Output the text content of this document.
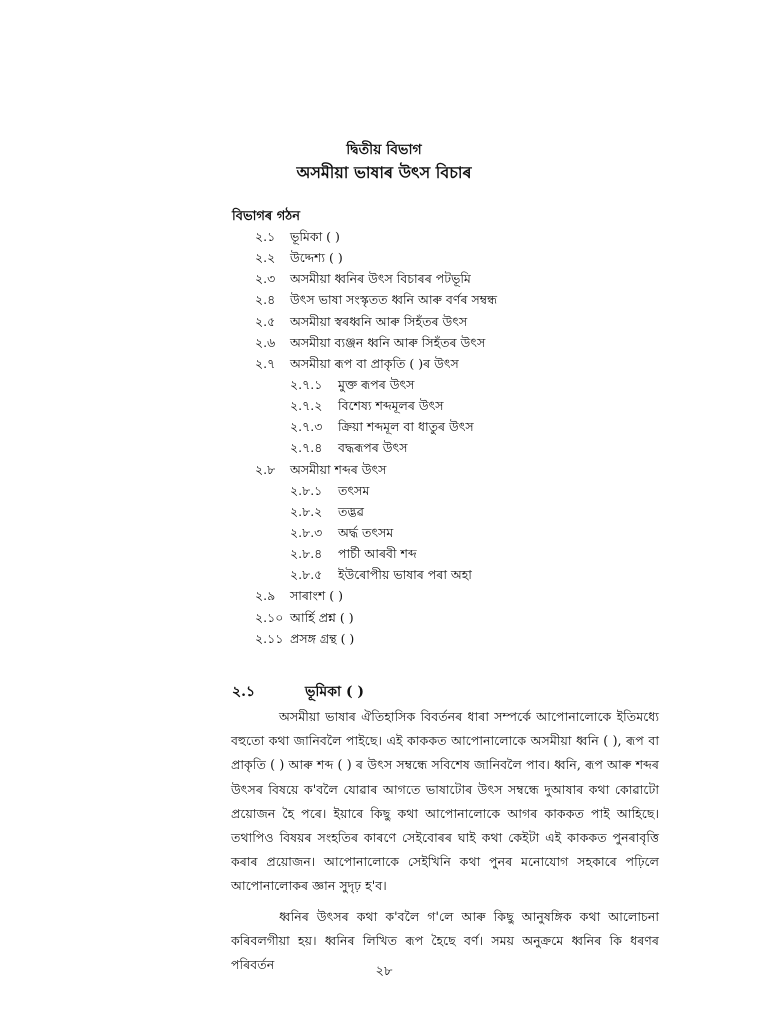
দ্বিতীয় বিভাগ
অসমীয়া ভাষাৰ উৎস বিচাৰ
বিভাগৰ গঠন
২.১ ভূমিকা ( )
২.২ উদ্দেশ্য ( )
২.৩ অসমীয়া ধ্বনিৰ উৎস বিচাৰৰ পটভূমি
২.৪ উৎস ভাষা সংস্কৃতত ধ্বনি আৰু বৰ্ণৰ সম্বন্ধ
২.৫ অসমীয়া স্বৰধ্বনি আৰু সিহঁতৰ উৎস
২.৬ অসমীয়া ব্যঞ্জন ধ্বনি আৰু সিহঁতৰ উৎস
২.৭ অসমীয়া ৰূপ বা প্ৰাকৃতি ( )ৰ উৎস
২.৭.১ মুক্ত ৰূপৰ উৎস
২.৭.২ বিশেষ্য শব্দমূলৰ উৎস
২.৭.৩ ক্ৰিয়া শব্দমূল বা ধাতুৰ উৎস
২.৭.৪ বদ্ধৰূপৰ উৎস
২.৮ অসমীয়া শব্দৰ উৎস
২.৮.১ তৎসম
২.৮.২ তদ্ভৱ
২.৮.৩ অৰ্দ্ধ তৎসম
২.৮.৪ পাৰ্চী আৰবী শব্দ
২.৮.৫ ইউৰোপীয় ভাষাৰ পৰা অহা
২.৯ সাৰাংশ ( )
২.১০ আৰ্হি প্ৰশ্ন ( )
২.১১ প্ৰসঙ্গ গ্ৰন্থ ( )
২.১	ভূমিকা ( )

অসমীয়া ভাষাৰ ঐতিহাসিক বিবৰ্তনৰ ধাৰা সম্পৰ্কে আপোনালোকে ইতিমধ্যে বহুতো কথা জানিবলৈ পাইছে। এই কাককত আপোনালোকে অসমীয়া ধ্বনি ( ), ৰূপ বা প্ৰাকৃতি ( ) আৰু শব্দ ( ) ৰ উৎস সম্বন্ধে সবিশেষ জানিবলৈ পাব। ধ্বনি, ৰূপ আৰু শব্দৰ উৎসৰ বিষয়ে ক'বলৈ যোৱাৰ আগতে ভাষাটোৰ উৎস সম্বন্ধে দুআষাৰ কথা কোৱাটো প্ৰয়োজন হৈ পৰে। ইয়াৰে কিছু কথা আপোনালোকে আগৰ কাককত পাই আহিছে। তথাপিও বিষয়ৰ সংহতিৰ কাৰণে সেইবোৰৰ ঘাই কথা কেইটা এই কাককত পুনৰাবৃত্তি কৰাৰ প্ৰয়োজন। আপোনালোকে সেইখিনি কথা পুনৰ মনোযোগ সহকাৰে পঢ়িলে আপোনালোকৰ জ্ঞান সুদৃঢ় হ'ব।

ধ্বনিৰ উৎসৰ কথা ক'বলৈ গ'লে আৰু কিছু আনুষঙ্গিক কথা আলোচনা কৰিবলগীয়া হয়। ধ্বনিৰ লিখিত ৰূপ হৈছে বৰ্ণ। সময় অনুক্ৰমে ধ্বনিৰ কি ধৰণৰ পৰিবৰ্তন	২৮
